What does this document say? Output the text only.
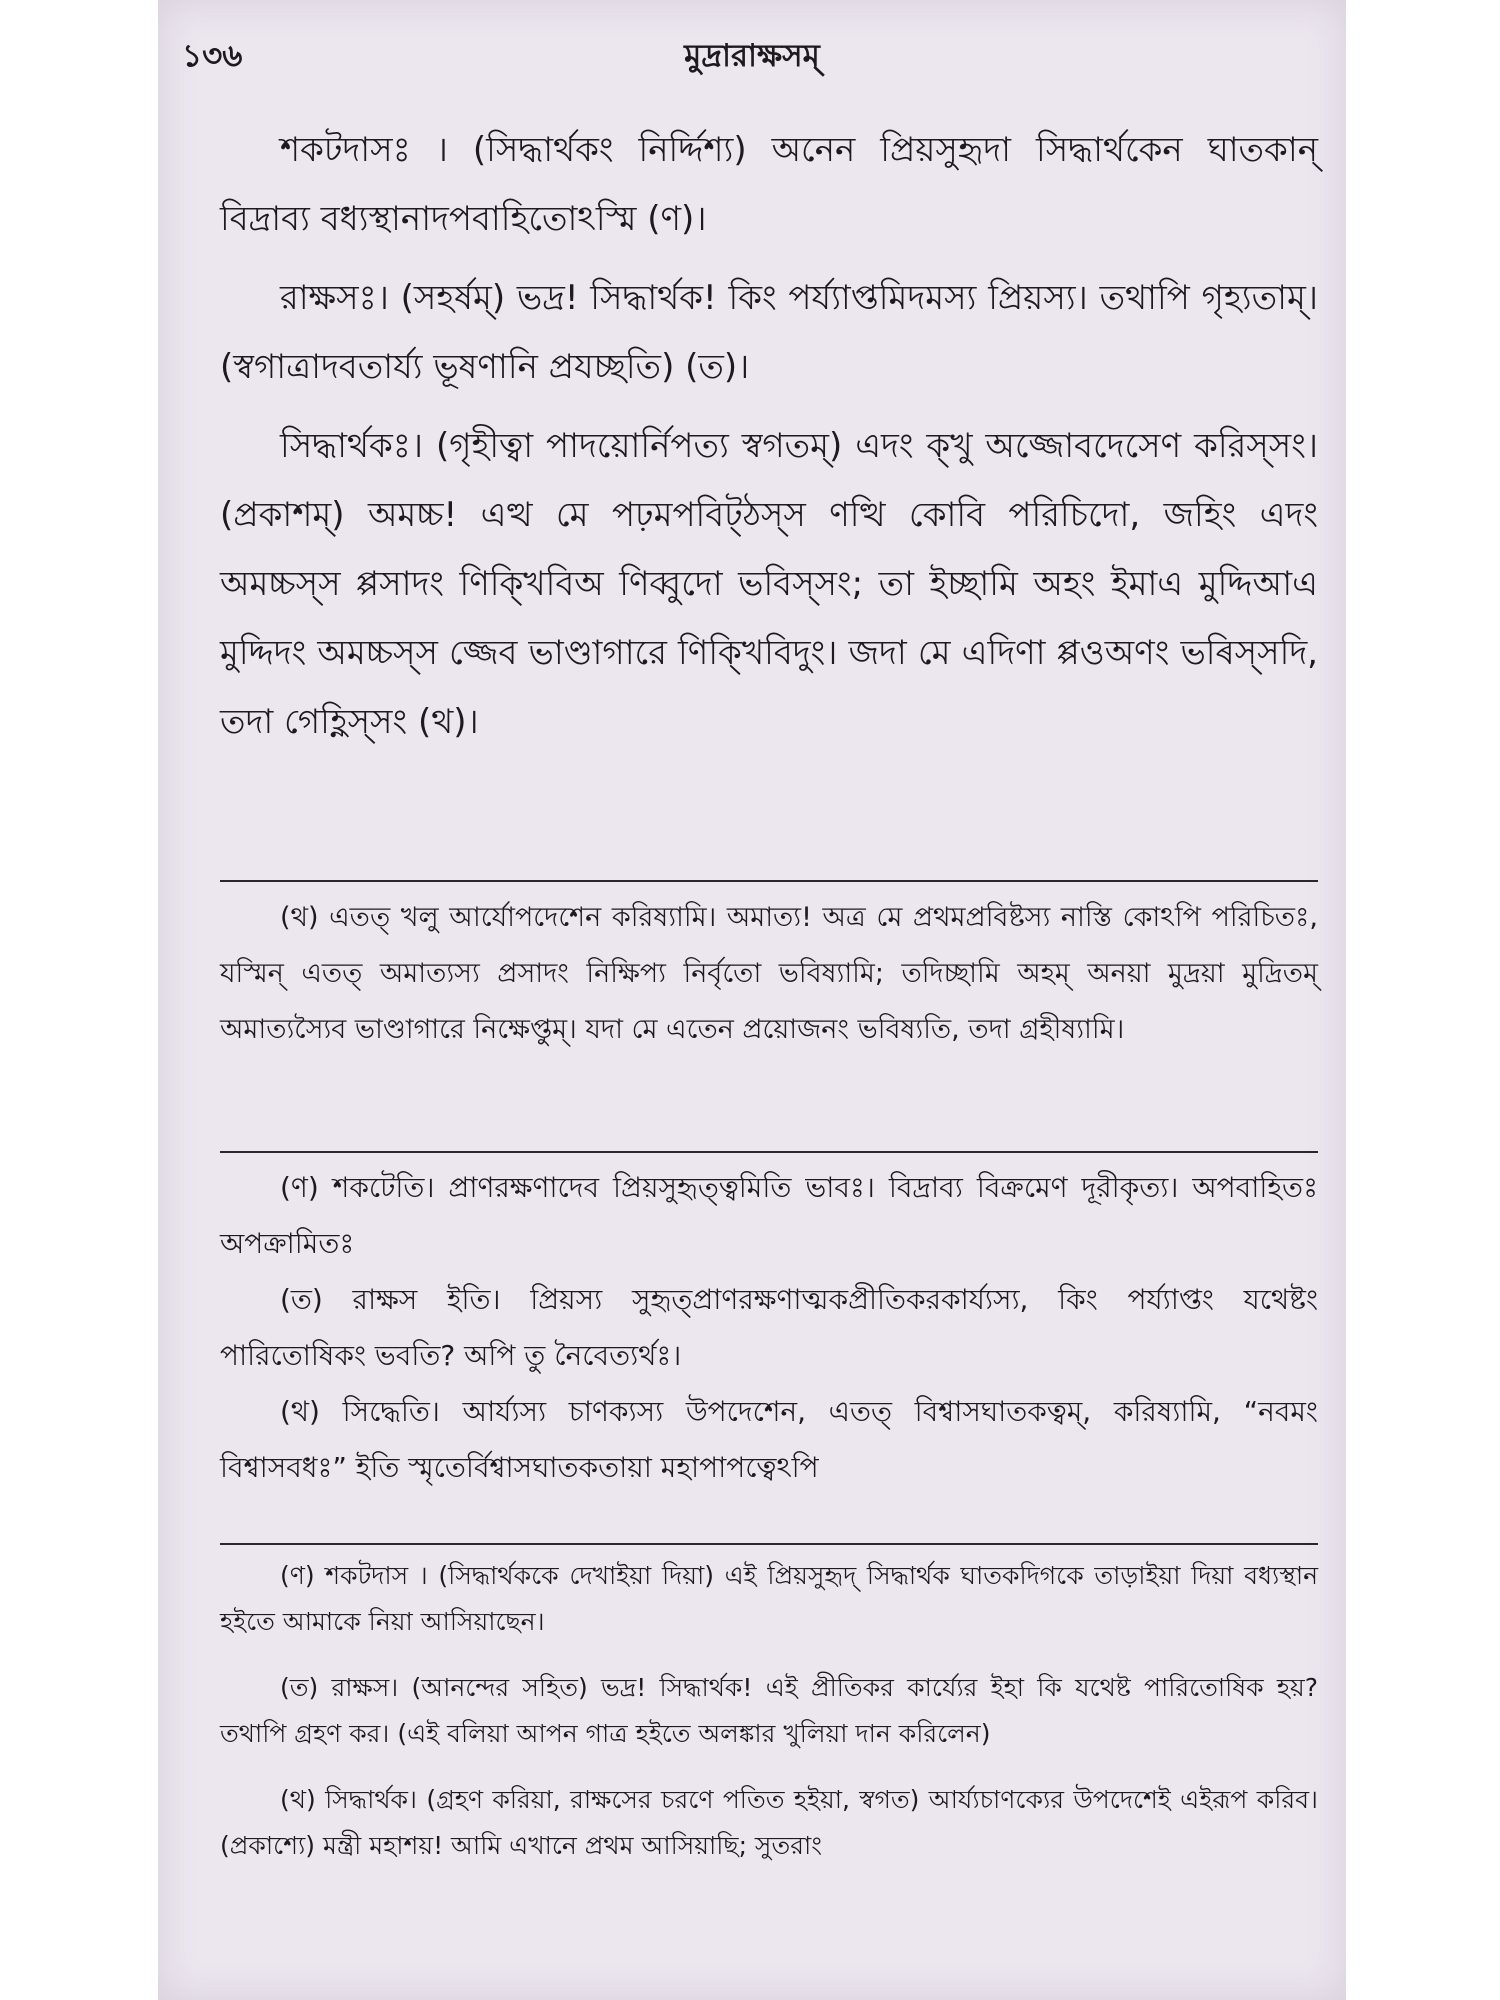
১৩৬	মুদ্রারাক্ষসম্

শকটদাসঃ । (সিদ্ধার্থকং নির্দ্দিশ্য) অনেন প্রিয়সুহৃদা সিদ্ধার্থকেন ঘাতকান্ বিদ্রাব্য বধ্যস্থানাদপবাহিতোঽস্মি (ণ)।

রাক্ষসঃ। (সহর্ষম্) ভদ্র! সিদ্ধার্থক! কিং পর্য্যাপ্তমিদমস্য প্রিয়স্য। তথাপি গৃহ্যতাম্। (স্বগাত্রাদবতার্য্য ভূষণানি প্রযচ্ছতি) (ত)।

সিদ্ধার্থকঃ। (গৃহীত্বা পাদয়োর্নিপত্য স্বগতম্) এদং ক্খু অজ্জোবদেসেণ করিস্সং। (প্রকাশম্) অমচ্চ! এত্থ মে পঢ়মপবিট্ঠস্স ণত্থি কোবি পরিচিদো, জহিং এদং অমচ্চস্স প্পসাদং ণিক্খিবিঅ ণিব্বুদো ভবিস্সং; তা ইচ্ছামি অহং ইমাএ মুদ্দিআএ মুদ্দিদং অমচ্চস্স জ্জেব ভাণ্ডাগারে ণিক্খিবিদুং। জদা মে এদিণা প্পওঅণং ভৰিস্সদি, তদা গেহ্ণিস্সং (থ)।

(থ) এতত্ খলু আর্যোপদেশেন করিষ্যামি। অমাত্য! অত্র মে প্রথমপ্রবিষ্টস্য নাস্তি কোঽপি পরিচিতঃ, যস্মিন্ এতত্ অমাত্যস্য প্রসাদং নিক্ষিপ্য নির্বৃতো ভবিষ্যামি; তদিচ্ছামি অহম্ অনয়া মুদ্রয়া মুদ্রিতম্ অমাত্যস্যৈব ভাণ্ডাগারে নিক্ষেপ্তুম্। যদা মে এতেন প্রয়োজনং ভবিষ্যতি, তদা গ্রহীষ্যামি।

(ণ) শকটেতি। প্রাণরক্ষণাদেব প্রিয়সুহৃত্ত্বমিতি ভাবঃ। বিদ্রাব্য বিক্রমেণ দূরীকৃত্য। অপবাহিতঃ অপক্রামিতঃ

(ত) রাক্ষস ইতি। প্রিয়স্য সুহৃত্প্রাণরক্ষণাত্মকপ্রীতিকরকার্য্যস্য, কিং পর্য্যাপ্তং যথেষ্টং পারিতোষিকং ভবতি? অপি তু নৈবেত্যর্থঃ।

(থ) সিদ্ধেতি। আর্য্যস্য চাণক্যস্য উপদেশেন, এতত্ বিশ্বাসঘাতকত্বম্, করিষ্যামি, “নবমং বিশ্বাসবধঃ” ইতি স্মৃতের্বিশ্বাসঘাতকতায়া মহাপাপত্বেঽপি

(ণ) শকটদাস । (সিদ্ধার্থককে দেখাইয়া দিয়া) এই প্রিয়সুহৃদ্ সিদ্ধার্থক ঘাতকদিগকে তাড়াইয়া দিয়া বধ্যস্থান হইতে আমাকে নিয়া আসিয়াছেন।

(ত) রাক্ষস। (আনন্দের সহিত) ভদ্র! সিদ্ধার্থক! এই প্রীতিকর কার্য্যের ইহা কি যথেষ্ট পারিতোষিক হয়? তথাপি গ্রহণ কর। (এই বলিয়া আপন গাত্র হইতে অলঙ্কার খুলিয়া দান করিলেন)

(থ) সিদ্ধার্থক। (গ্রহণ করিয়া, রাক্ষসের চরণে পতিত হইয়া, স্বগত) আর্য্যচাণক্যের উপদেশেই এইরূপ করিব। (প্রকাশ্যে) মন্ত্রী মহাশয়! আমি এখানে প্রথম আসিয়াছি; সুতরাং
